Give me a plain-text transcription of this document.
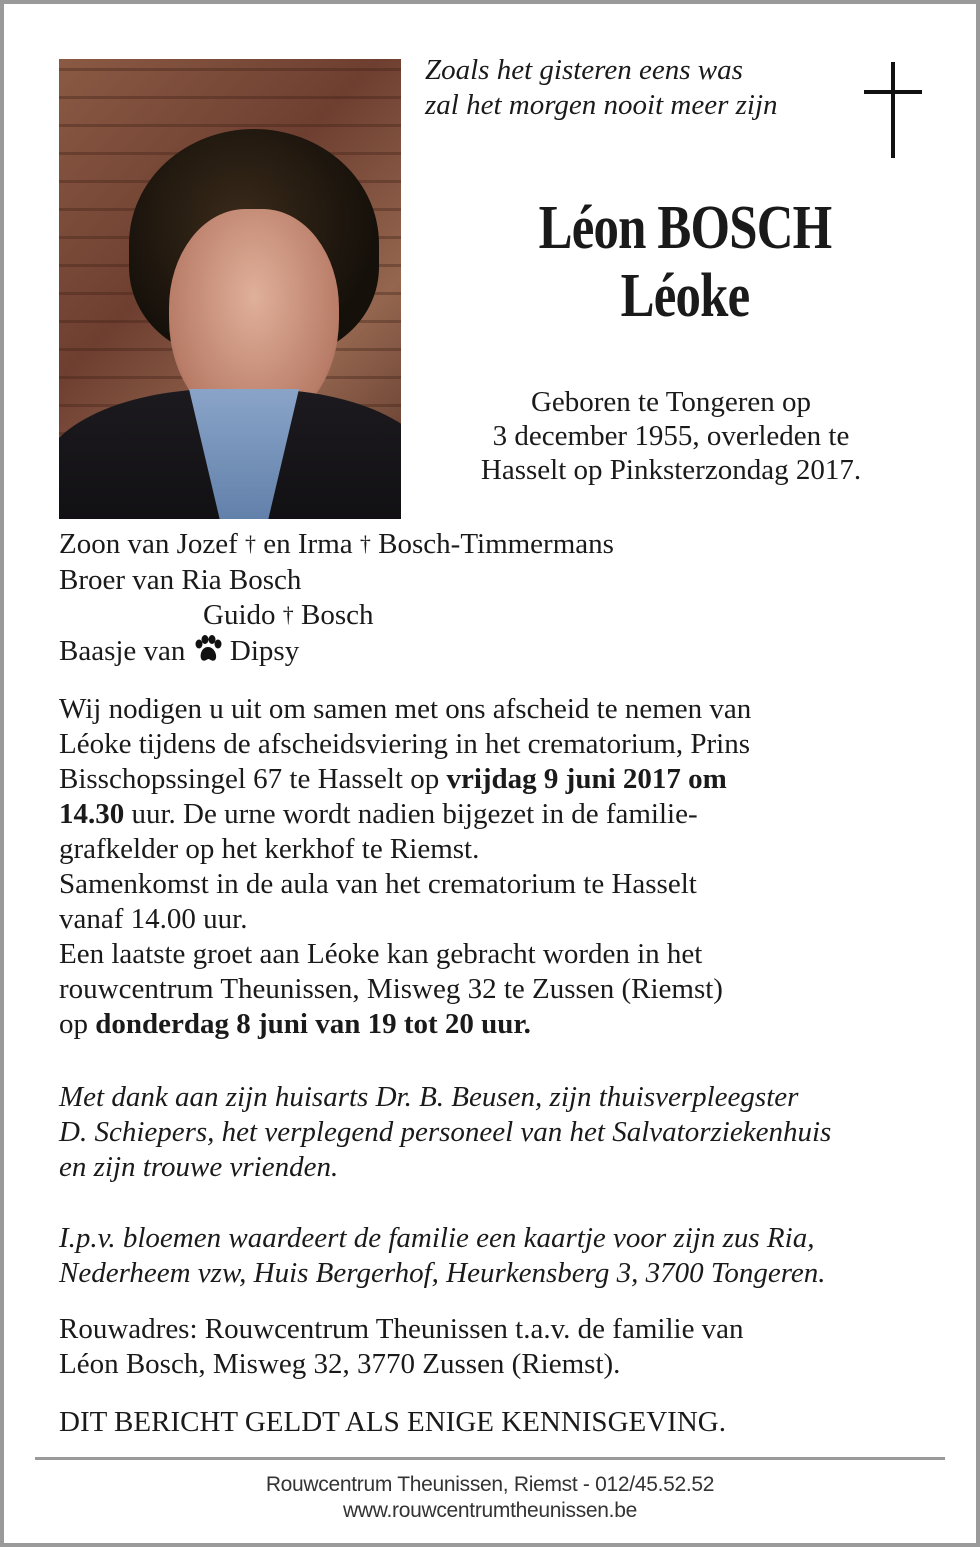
Zoals het gisteren eens was
zal het morgen nooit meer zijn
Léon BOSCH
Léoke
Geboren te Tongeren op
3 december 1955, overleden te
Hasselt op Pinksterzondag 2017.

Zoon van Jozef † en Irma † Bosch-Timmermans

Broer van Ria Bosch

Guido † Bosch

Baasje van Dipsy

Wij nodigen u uit om samen met ons afscheid te nemen van

Léoke tijdens de afscheidsviering in het crematorium, Prins

Bisschopssingel 67 te Hasselt op vrijdag 9 juni 2017 om

14.30 uur. De urne wordt nadien bijgezet in de familie-

grafkelder op het kerkhof te Riemst.

Samenkomst in de aula van het crematorium te Hasselt

vanaf 14.00 uur.

Een laatste groet aan Léoke kan gebracht worden in het

rouwcentrum Theunissen, Misweg 32 te Zussen (Riemst)

op donderdag 8 juni van 19 tot 20 uur.

Met dank aan zijn huisarts Dr. B. Beusen, zijn thuisverpleegster

D. Schiepers, het verplegend personeel van het Salvatorziekenhuis

en zijn trouwe vrienden.

I.p.v. bloemen waardeert de familie een kaartje voor zijn zus Ria,

Nederheem vzw, Huis Bergerhof, Heurkensberg 3, 3700 Tongeren.

Rouwadres: Rouwcentrum Theunissen t.a.v. de familie van

Léon Bosch, Misweg 32, 3770 Zussen (Riemst).

DIT BERICHT GELDT ALS ENIGE KENNISGEVING.
Rouwcentrum Theunissen, Riemst - 012/45.52.52
www.rouwcentrumtheunissen.be
